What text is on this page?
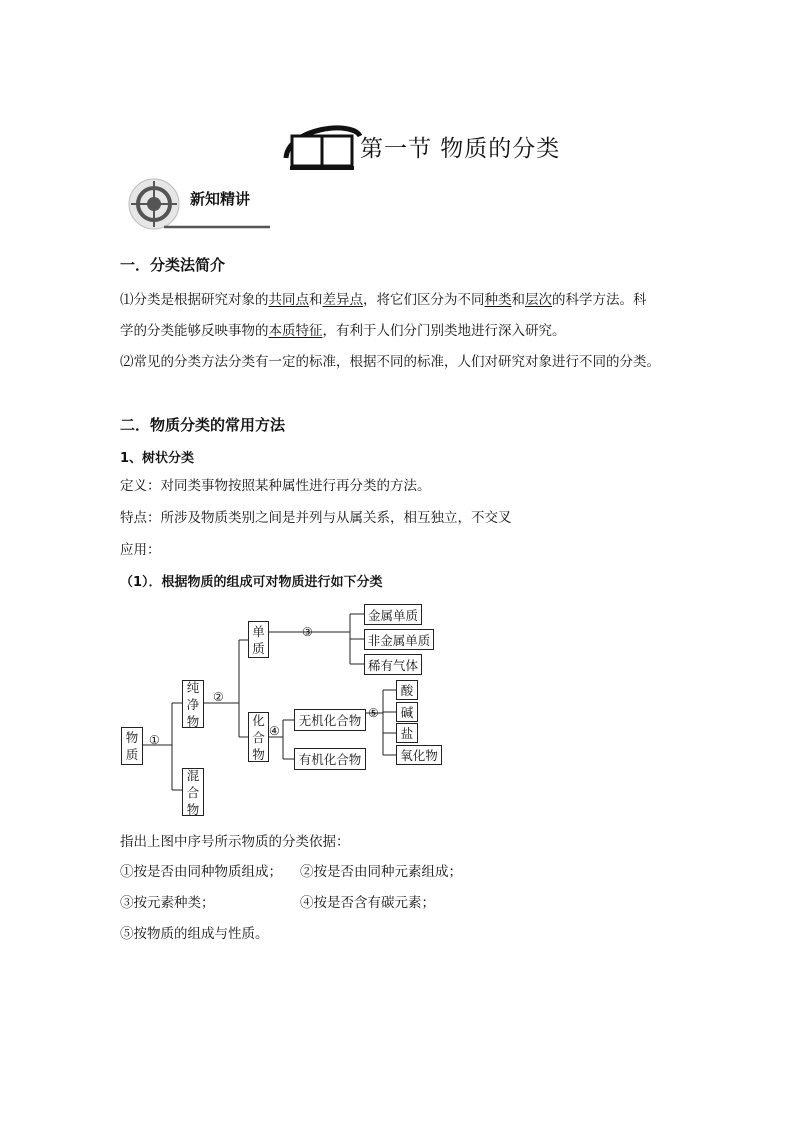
第一节 物质的分类
新知精讲
一．分类法简介
⑴分类是根据研究对象的共同点和差异点，将它们区分为不同种类和层次的科学方法。科
学的分类能够反映事物的本质特征，有利于人们分门别类地进行深入研究。
⑵常见的分类方法分类有一定的标准，根据不同的标准，人们对研究对象进行不同的分类。
二．物质分类的常用方法
1、树状分类
定义：对同类事物按照某种属性进行再分类的方法。
特点：所涉及物质类别之间是并列与从属关系，相互独立，不交叉
应用：
（1）．根据物质的组成可对物质进行如下分类
物质
纯净物
混合物
单质
化合物
金属单质
非金属单质
稀有气体
无机化合物
有机化合物
酸
碱
盐
氧化物
①
②
③
④
⑤
指出上图中序号所示物质的分类依据：
①按是否由同种物质组成； ②按是否由同种元素组成；
③按元素种类；	④按是否含有碳元素；
⑤按物质的组成与性质。
